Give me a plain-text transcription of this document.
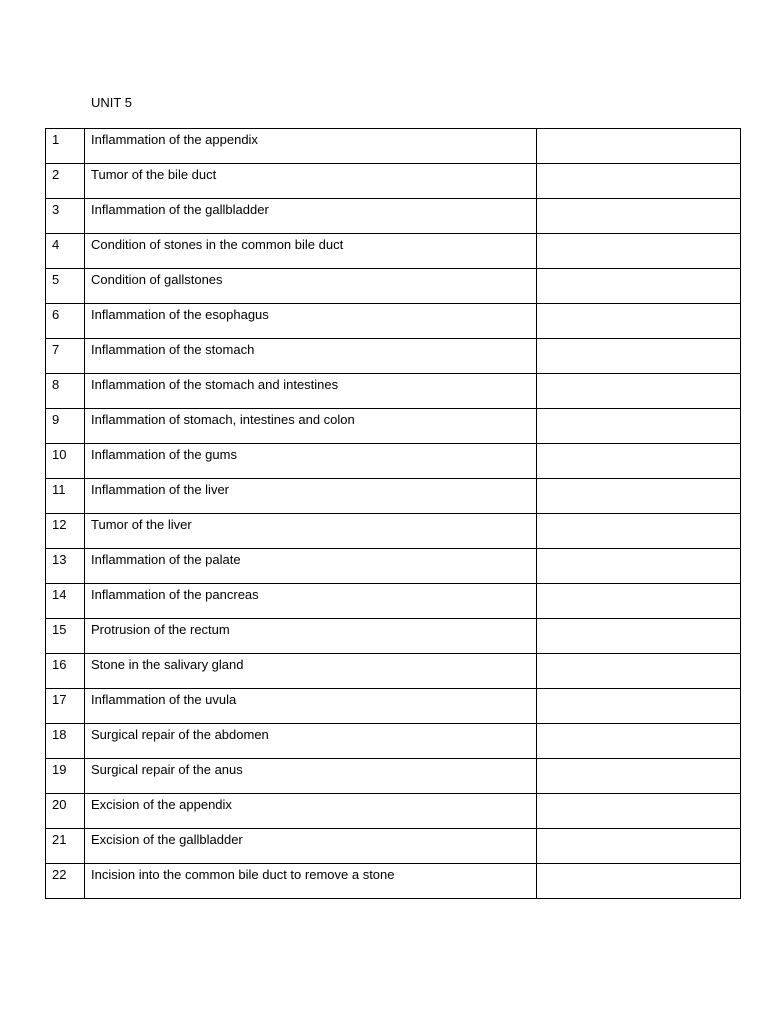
UNIT 5
1	Inflammation of the appendix	
2	Tumor of the bile duct	
3	Inflammation of the gallbladder	
4	Condition of stones in the common bile duct	
5	Condition of gallstones	
6	Inflammation of the esophagus	
7	Inflammation of the stomach	
8	Inflammation of the stomach and intestines	
9	Inflammation of stomach, intestines and colon	
10	Inflammation of the gums	
11	Inflammation of the liver	
12	Tumor of the liver	
13	Inflammation of the palate	
14	Inflammation of the pancreas	
15	Protrusion of the rectum	
16	Stone in the salivary gland	
17	Inflammation of the uvula	
18	Surgical repair of the abdomen	
19	Surgical repair of the anus	
20	Excision of the appendix	
21	Excision of the gallbladder	
22	Incision into the common bile duct to remove a stone	
